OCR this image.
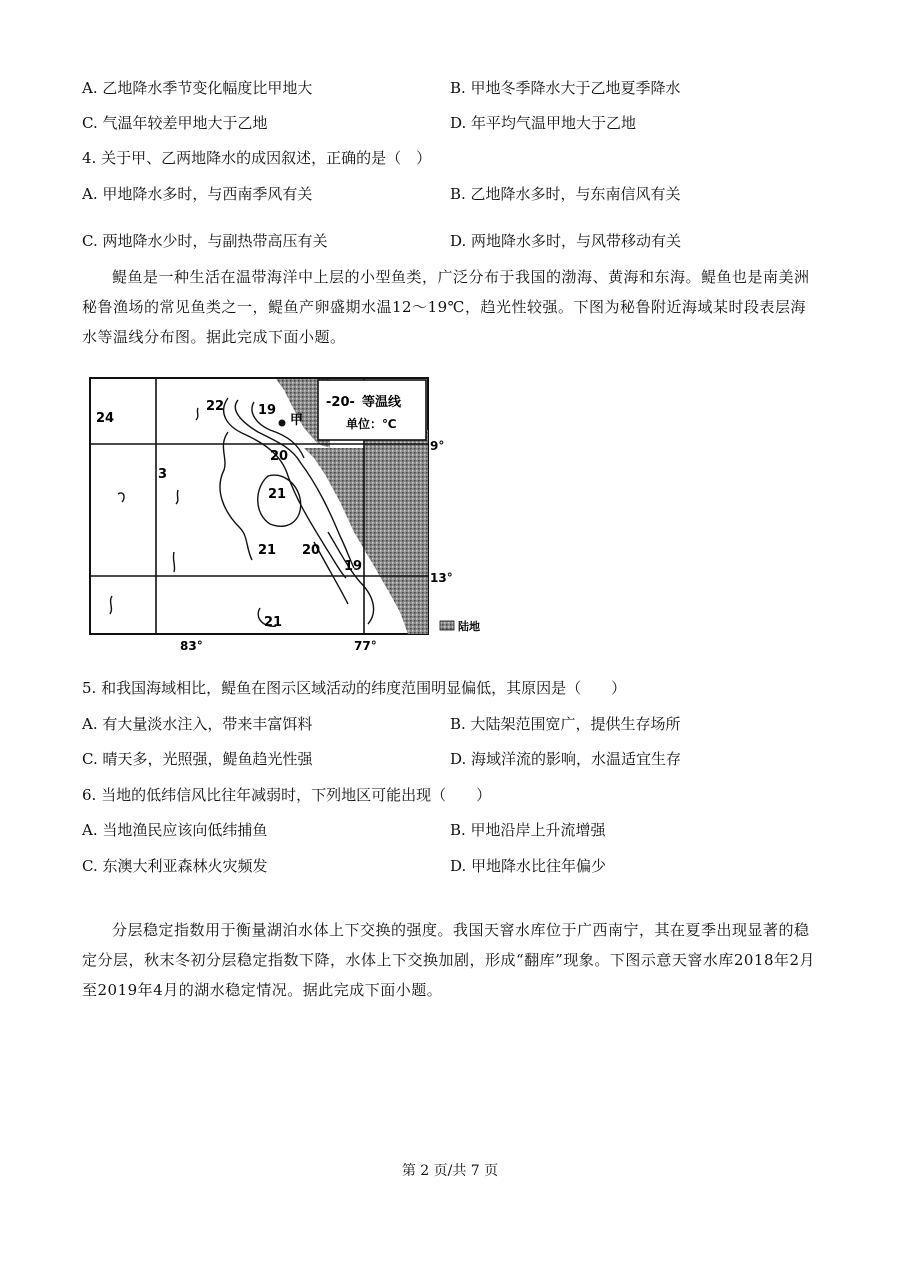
A. 乙地降水季节变化幅度比甲地大	B. 甲地冬季降水大于乙地夏季降水
C. 气温年较差甲地大于乙地	D. 年平均气温甲地大于乙地
4. 关于甲、乙两地降水的成因叙述，正确的是（　）
A. 甲地降水多时，与西南季风有关	B. 乙地降水多时，与东南信风有关
C. 两地降水少时，与副热带高压有关	D. 两地降水多时，与风带移动有关
鳀鱼是一种生活在温带海洋中上层的小型鱼类，广泛分布于我国的渤海、黄海和东海。鳀鱼也是南美洲秘鲁渔场的常见鱼类之一，鳀鱼产卵盛期水温12～19℃，趋光性较强。下图为秘鲁附近海域某时段表层海水等温线分布图。据此完成下面小题。
-20- 等温线
单位：℃
24
22	19
甲
20
3
21
21 20
19
21
9°
13°
83°	77°
陆地
5. 和我国海域相比，鳀鱼在图示区域活动的纬度范围明显偏低，其原因是（　　）
A. 有大量淡水注入，带来丰富饵料	B. 大陆架范围宽广，提供生存场所
C. 晴天多，光照强，鳀鱼趋光性强	D. 海域洋流的影响，水温适宜生存
6. 当地的低纬信风比往年减弱时，下列地区可能出现（　　）
A. 当地渔民应该向低纬捕鱼	B. 甲地沿岸上升流增强
C. 东澳大利亚森林火灾频发	D. 甲地降水比往年偏少
分层稳定指数用于衡量湖泊水体上下交换的强度。我国天窨水库位于广西南宁，其在夏季出现显著的稳定分层，秋末冬初分层稳定指数下降，水体上下交换加剧，形成“翻库”现象。下图示意天窨水库2018年2月至2019年4月的湖水稳定情况。据此完成下面小题。
第 2 页/共 7 页
